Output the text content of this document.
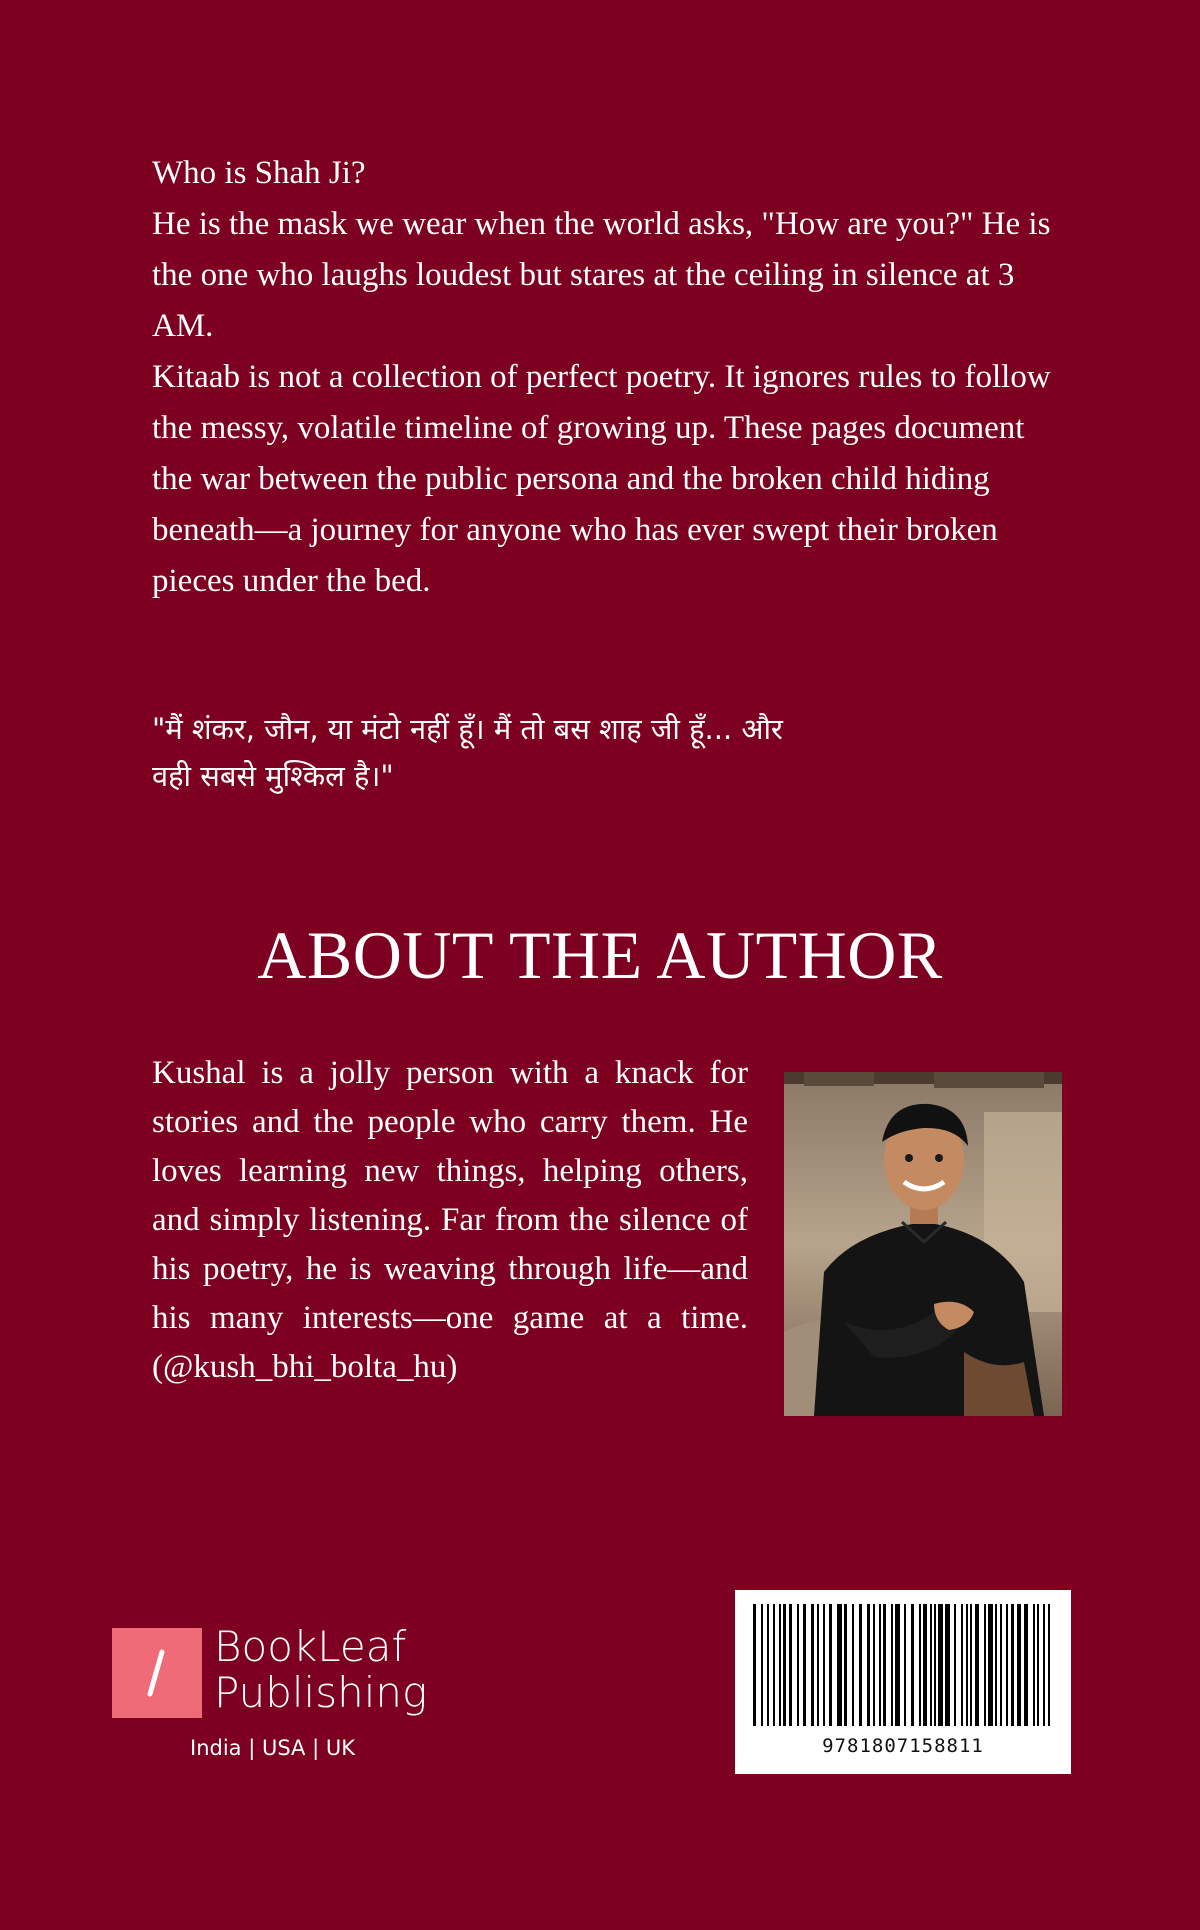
Who is Shah Ji?

He is the mask we wear when the world asks, "How are you?" He is the one who laughs loudest but stares at the ceiling in silence at 3 AM.

Kitaab is not a collection of perfect poetry. It ignores rules to follow the messy, volatile timeline of growing up. These pages document the war between the public persona and the broken child hiding beneath—a journey for anyone who has ever swept their broken pieces under the bed.

"मैं शंकर, जौन, या मंटो नहीं हूँ। मैं तो बस शाह जी हूँ... और

वही सबसे मुश्किल है।"

ABOUT THE AUTHOR

Kushal is a jolly person with a knack for stories and the people who carry them. He loves learning new things, helping others, and simply listening. Far from the silence of his poetry, he is weaving through life—and his many interests—one game at a time. (@kush_bhi_bolta_hu)

BookLeaf
Publishing
India | USA | UK	9781807158811
